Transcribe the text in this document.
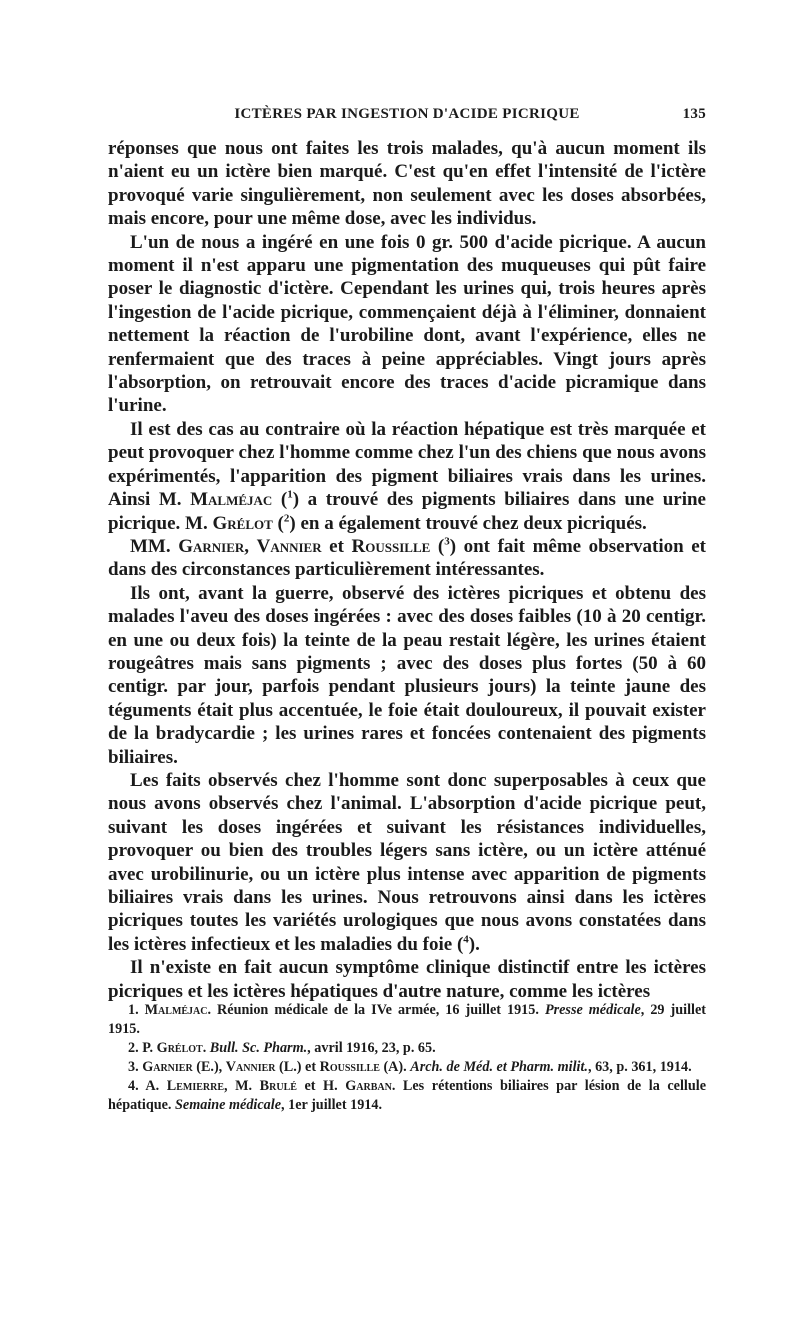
ICTÈRES PAR INGESTION D'ACIDE PICRIQUE	135

réponses que nous ont faites les trois malades, qu'à aucun moment ils n'aient eu un ictère bien marqué. C'est qu'en effet l'intensité de l'ictère provoqué varie singulièrement, non seulement avec les doses absorbées, mais encore, pour une même dose, avec les individus.

L'un de nous a ingéré en une fois 0 gr. 500 d'acide picrique. A aucun moment il n'est apparu une pigmentation des muqueuses qui pût faire poser le diagnostic d'ictère. Cependant les urines qui, trois heures après l'ingestion de l'acide picrique, commençaient déjà à l'éliminer, donnaient nettement la réaction de l'urobiline dont, avant l'expérience, elles ne renfermaient que des traces à peine appréciables. Vingt jours après l'absorption, on retrouvait encore des traces d'acide picramique dans l'urine.

Il est des cas au contraire où la réaction hépatique est très marquée et peut provoquer chez l'homme comme chez l'un des chiens que nous avons expérimentés, l'apparition des pigment biliaires vrais dans les urines. Ainsi M. Malméjac ($^1$) a trouvé des pigments biliaires dans une urine picrique. M. Grélot ($^2$) en a également trouvé chez deux picriqués.

MM. Garnier, Vannier et Roussille ($^3$) ont fait même observation et dans des circonstances particulièrement intéressantes.

Ils ont, avant la guerre, observé des ictères picriques et obtenu des malades l'aveu des doses ingérées : avec des doses faibles (10 à 20 centigr. en une ou deux fois) la teinte de la peau restait légère, les urines étaient rougeâtres mais sans pigments ; avec des doses plus fortes (50 à 60 centigr. par jour, parfois pendant plusieurs jours) la teinte jaune des téguments était plus accentuée, le foie était douloureux, il pouvait exister de la bradycardie ; les urines rares et foncées contenaient des pigments biliaires.

Les faits observés chez l'homme sont donc superposables à ceux que nous avons observés chez l'animal. L'absorption d'acide picrique peut, suivant les doses ingérées et suivant les résistances individuelles, provoquer ou bien des troubles légers sans ictère, ou un ictère atténué avec urobilinurie, ou un ictère plus intense avec apparition de pigments biliaires vrais dans les urines. Nous retrouvons ainsi dans les ictères picriques toutes les variétés urologiques que nous avons constatées dans les ictères infectieux et les maladies du foie ($^4$).

Il n'existe en fait aucun symptôme clinique distinctif entre les ictères picriques et les ictères hépatiques d'autre nature, comme les ictères

1. Malméjac. Réunion médicale de la IVe armée, 16 juillet 1915. Presse médicale, 29 juillet 1915.

2. P. Grélot. Bull. Sc. Pharm., avril 1916, 23, p. 65.

3. Garnier (E.), Vannier (L.) et Roussille (A). Arch. de Méd. et Pharm. milit., 63, p. 361, 1914.

4. A. Lemierre, M. Brulé et H. Garban. Les rétentions biliaires par lésion de la cellule hépatique. Semaine médicale, 1er juillet 1914.
